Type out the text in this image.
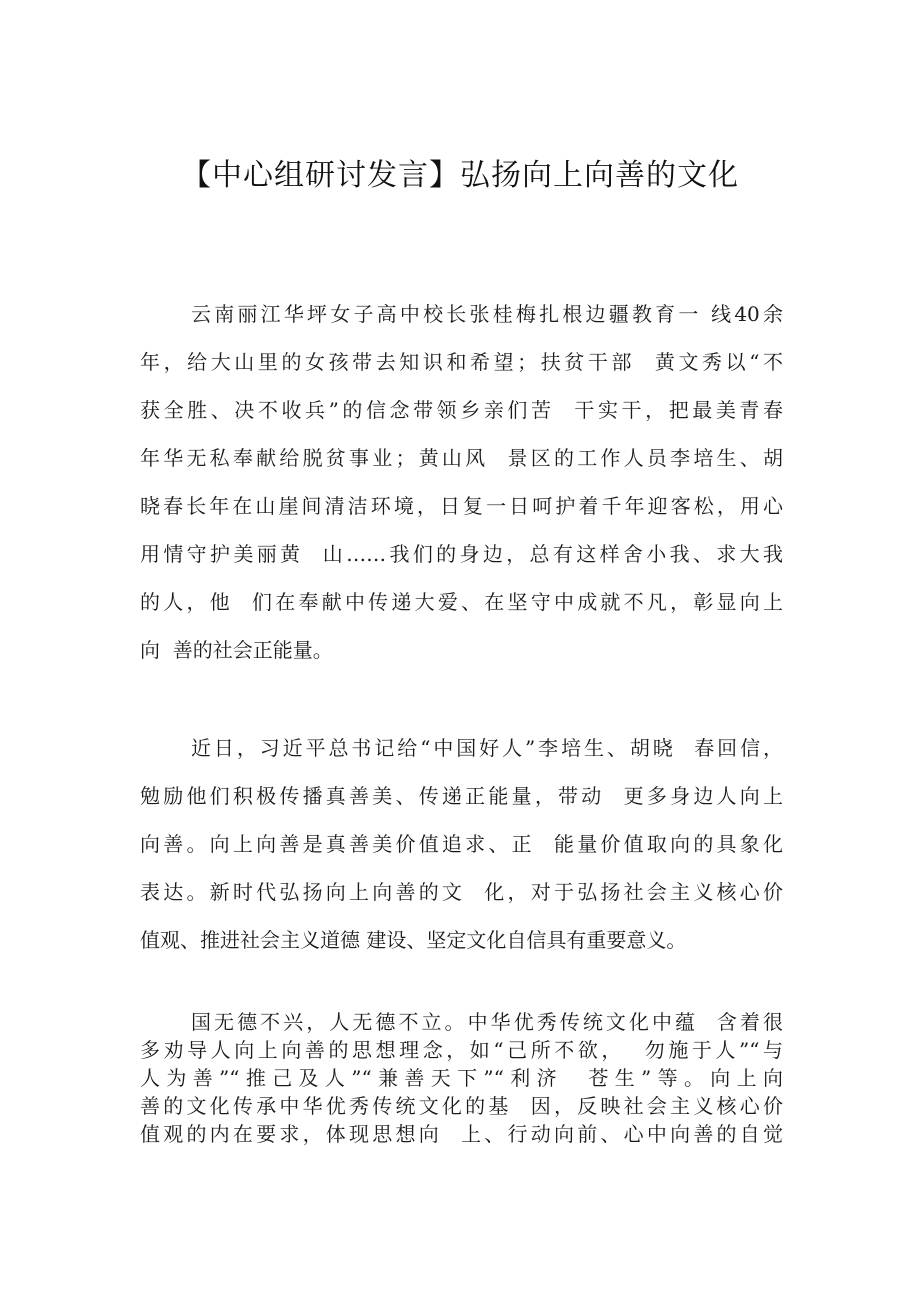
【中心组研讨发言】弘扬向上向善的文化
云南丽江华坪女子高中校长张桂梅扎根边疆教育一 线40余
年，给大山里的女孩带去知识和希望；扶贫干部  黄文秀以“不
获全胜、决不收兵”的信念带领乡亲们苦  干实干，把最美青春
年华无私奉献给脱贫事业；黄山风  景区的工作人员李培生、胡
晓春长年在山崖间清洁环境，日复一日呵护着千年迎客松，用心
用情守护美丽黄  山……我们的身边，总有这样舍小我、求大我
的人，他  们在奉献中传递大爱、在坚守中成就不凡，彰显向上
向  善的社会正能量。
近日，习近平总书记给“中国好人”李培生、胡晓  春回信，
勉励他们积极传播真善美、传递正能量，带动  更多身边人向上
向善。向上向善是真善美价值追求、正  能量价值取向的具象化
表达。新时代弘扬向上向善的文  化，对于弘扬社会主义核心价
值观、推进社会主义道德 建设、坚定文化自信具有重要意义。
国无德不兴，人无德不立。中华优秀传统文化中蕴  含着很
多劝导人向上向善的思想理念，如“己所不欲，  勿施于人”“与
人为善”“推己及人”“兼善天下”“利济  苍生”等。向上向
善的文化传承中华优秀传统文化的基  因，反映社会主义核心价
值观的内在要求，体现思想向  上、行动向前、心中向善的自觉
